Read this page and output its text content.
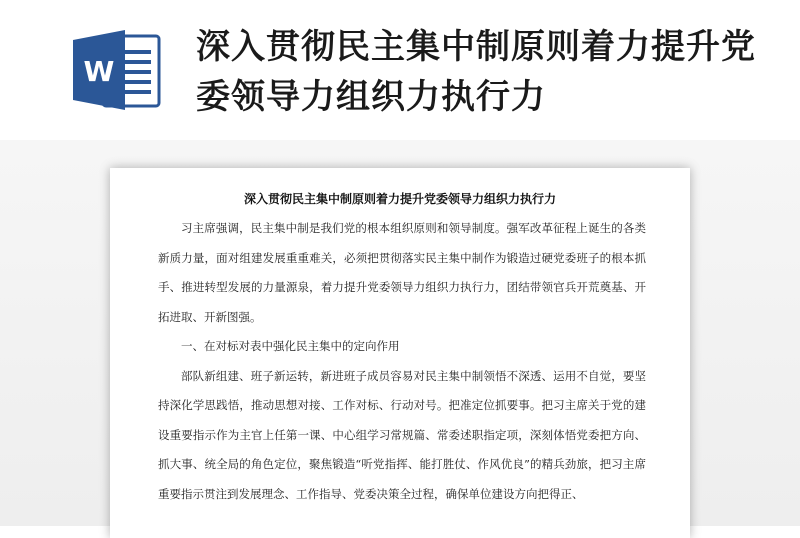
W
深入贯彻民主集中制原则着力提升党委领导力组织力执行力
深入贯彻民主集中制原则着力提升党委领导力组织力执行力

习主席强调，民主集中制是我们党的根本组织原则和领导制度。强军改革征程上诞生的各类新质力量，面对组建发展重重难关，必须把贯彻落实民主集中制作为锻造过硬党委班子的根本抓手、推进转型发展的力量源泉，着力提升党委领导力组织力执行力，团结带领官兵开荒奠基、开拓进取、开新图强。

一、在对标对表中强化民主集中的定向作用

部队新组建、班子新运转，新进班子成员容易对民主集中制领悟不深透、运用不自觉，要坚持深化学思践悟，推动思想对接、工作对标、行动对号。把准定位抓要事。把习主席关于党的建设重要指示作为主官上任第一课、中心组学习常规篇、常委述职指定项，深刻体悟党委把方向、抓大事、统全局的角色定位，聚焦锻造“听党指挥、能打胜仗、作风优良”的精兵劲旅，把习主席重要指示贯注到发展理念、工作指导、党委决策全过程，确保单位建设方向把得正、
